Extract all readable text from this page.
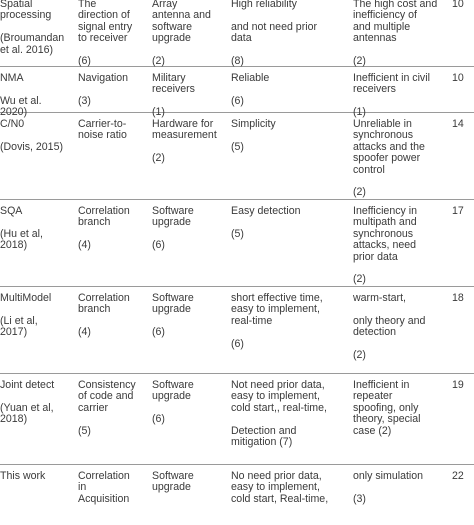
Spatial
processing

(Broumandan
et al. 2016)
The
direction of
signal entry
to receiver

(6)
Array
antenna and
software
upgrade

(2)
High reliability

and not need prior
data

(8)
The high cost and
inefficiency of
and multiple
antennas

(2)
10
NMA

Wu et al.
2020)
Navigation

(3)
Military
receivers

(1)
Reliable

(6)
Inefficient in civil
receivers

(1)
10
C/N0

(Dovis, 2015)
Carrier-to-
noise ratio
Hardware for
measurement

(2)
Simplicity

(5)
Unreliable in
synchronous
attacks and the
spoofer power
control

(2)
14
SQA

(Hu et al,
2018)
Correlation
branch

(4)
Software
upgrade

(6)
Easy detection

(5)
Inefficiency in
multipath and
synchronous
attacks, need
prior data

(2)
17
MultiModel

(Li et al,
2017)
Correlation
branch

(4)
Software
upgrade

(6)
short effective time,
easy to implement,
real-time

(6)
warm-start,

only theory and
detection

(2)
18
Joint detect

(Yuan et al,
2018)
Consistency
of code and
carrier

(5)
Software
upgrade

(6)
Not need prior data,
easy to implement,
cold start,, real-time,

Detection and
mitigation (7)
Inefficient in
repeater
spoofing, only
theory, special
case (2)
19
This work	Correlation
in
Acquisition
Software
upgrade
No need prior data,
easy to implement,
cold start, Real-time,
only simulation

(3)
22
